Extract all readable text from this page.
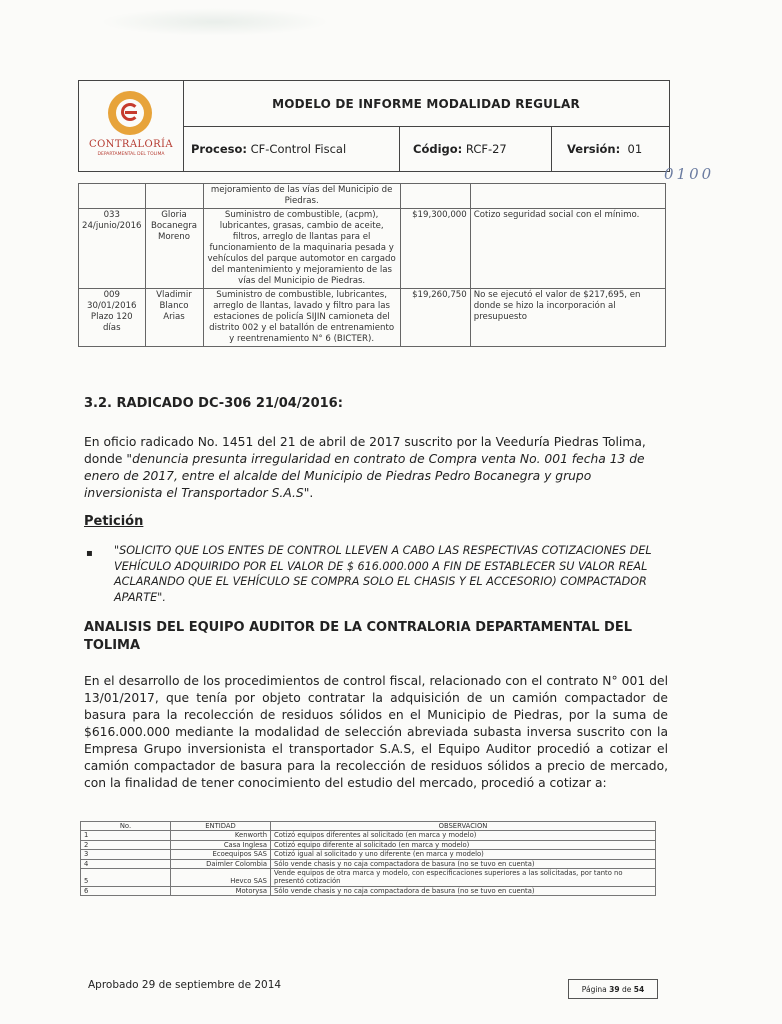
CONTRALORÍA
DEPARTAMENTAL DEL TOLIMA
MODELO DE INFORME MODALIDAD REGULAR
Proceso:
CF-Control Fiscal	Código:
RCF-27	Versión:
01
0100
		mejoramiento de las vías del Municipio de Piedras.		
033 24/junio/2016	Gloria Bocanegra Moreno	Suministro de combustible, (acpm), lubricantes, grasas, cambio de aceite, filtros, arreglo de llantas para el funcionamiento de la maquinaria pesada y vehículos del parque automotor en cargado del mantenimiento y mejoramiento de las vías del Municipio de Piedras.	$19,300,000	Cotizo seguridad social con el mínimo.
009 30/01/2016 Plazo 120 días	Vladimir Blanco Arias	Suministro de combustible, lubricantes, arreglo de llantas, lavado y filtro para las estaciones de policía SIJIN camioneta del distrito 002 y el batallón de entrenamiento y reentrenamiento N° 6 (BICTER).	$19,260,750	No se ejecutó el valor de $217,695, en donde se hizo la incorporación al presupuesto
3.2. RADICADO DC-306 21/04/2016:
En oficio radicado No. 1451 del 21 de abril de 2017 suscrito por la Veeduría Piedras Tolima, donde "denuncia presunta irregularidad en contrato de Compra venta No. 001 fecha 13 de enero de 2017, entre el alcalde del Municipio de Piedras Pedro Bocanegra y grupo inversionista el Transportador S.A.S".
Petición
▪ "SOLICITO QUE LOS ENTES DE CONTROL LLEVEN A CABO LAS RESPECTIVAS COTIZACIONES DEL VEHÍCULO ADQUIRIDO POR EL VALOR DE $ 616.000.000 A FIN DE ESTABLECER SU VALOR REAL ACLARANDO QUE EL VEHÍCULO SE COMPRA SOLO EL CHASIS Y EL ACCESORIO) COMPACTADOR APARTE".
ANALISIS DEL EQUIPO AUDITOR DE LA CONTRALORIA DEPARTAMENTAL DEL TOLIMA
En el desarrollo de los procedimientos de control fiscal, relacionado con el contrato N° 001 del 13/01/2017, que tenía por objeto contratar la adquisición de un camión compactador de basura para la recolección de residuos sólidos en el Municipio de Piedras, por la suma de $616.000.000 mediante la modalidad de selección abreviada subasta inversa suscrito con la Empresa Grupo inversionista el transportador S.A.S, el Equipo Auditor procedió a cotizar el camión compactador de basura para la recolección de residuos sólidos a precio de mercado, con la finalidad de tener conocimiento del estudio del mercado, procedió a cotizar a:
No.	ENTIDAD	OBSERVACION
1	Kenworth	Cotizó equipos diferentes al solicitado (en marca y modelo)
2	Casa Inglesa	Cotizó equipo diferente al solicitado (en marca y modelo)
3	Ecoequipos SAS	Cotizó igual al solicitado y uno diferente (en marca y modelo)
4	Daimler Colombia	Sólo vende chasis y no caja compactadora de basura (no se tuvo en cuenta)
5	Hevco SAS	Vende equipos de otra marca y modelo, con especificaciones superiores a las solicitadas, por tanto no presentó cotización
6	Motorysa	Sólo vende chasis y no caja compactadora de basura (no se tuvo en cuenta)
Aprobado 29 de septiembre de 2014	Página
39
de
54
